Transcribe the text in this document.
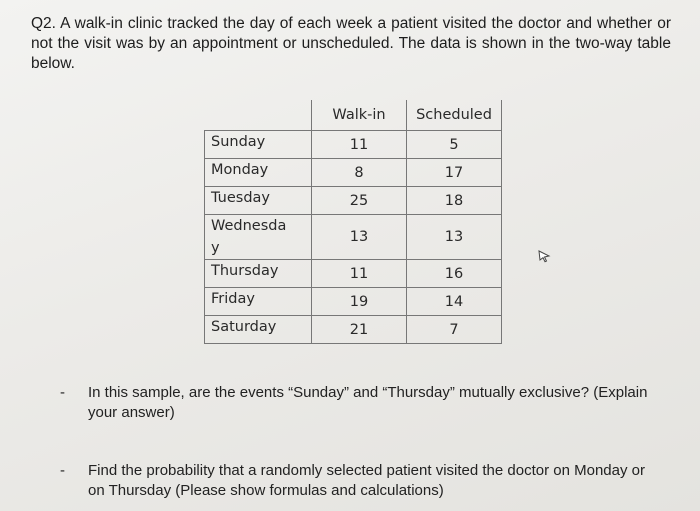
Q2. A walk-in clinic tracked the day of each week a patient visited the doctor and whether or not the visit was by an appointment or unscheduled. The data is shown in the two-way table below.
	Walk-in	Scheduled
Sunday	11	5
Monday	8	17
Tuesday	25	18

Wednesda
y	13	13
Thursday	11	16
Friday	19	14
Saturday	21	7
- In this sample, are the events “Sunday” and “Thursday” mutually exclusive? (Explain your answer)
- Find the probability that a randomly selected patient visited the doctor on Monday or on Thursday (Please show formulas and calculations)
